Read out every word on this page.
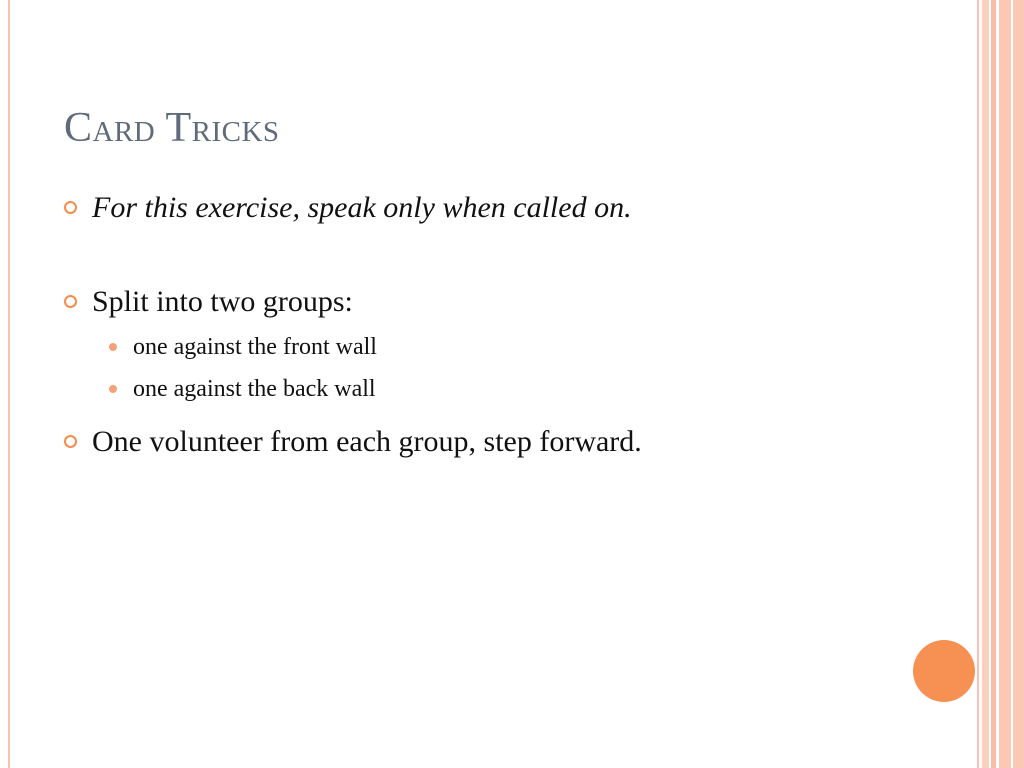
Card Tricks
For this exercise, speak only when called on.
Split into two groups:
one against the front wall
one against the back wall
One volunteer from each group, step forward.
